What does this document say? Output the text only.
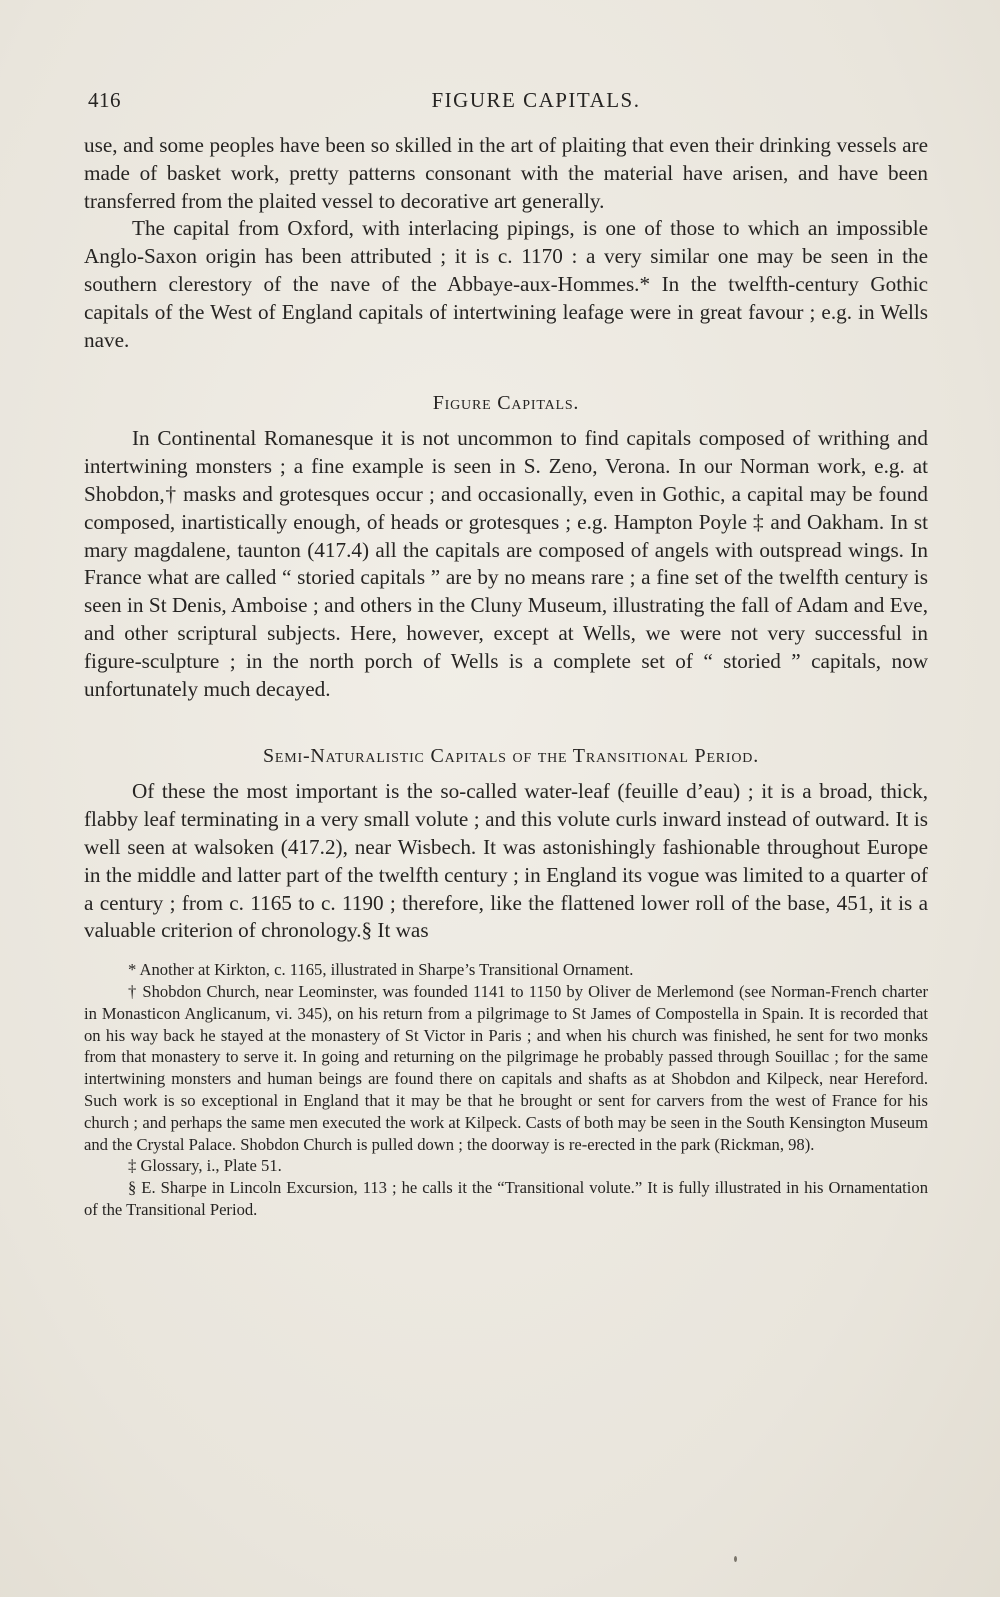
416	FIGURE CAPITALS.

use, and some peoples have been so skilled in the art of plaiting that even their drinking vessels are made of basket work, pretty patterns consonant with the material have arisen, and have been transferred from the plaited vessel to decorative art generally.

The capital from Oxford, with interlacing pipings, is one of those to which an impossible Anglo-Saxon origin has been attributed ; it is c. 1170 : a very similar one may be seen in the southern clerestory of the nave of the Abbaye-aux-Hommes.* In the twelfth-century Gothic capitals of the West of England capitals of intertwining leafage were in great favour ; e.g. in Wells nave.

Figure Capitals.

In Continental Romanesque it is not uncommon to find capitals composed of writhing and intertwining monsters ; a fine example is seen in S. Zeno, Verona. In our Norman work, e.g. at Shobdon,† masks and grotesques occur ; and occasionally, even in Gothic, a capital may be found composed, inartistically enough, of heads or grotesques ; e.g. Hampton Poyle ‡ and Oakham. In st mary magdalene, taunton (417.4) all the capitals are composed of angels with outspread wings. In France what are called “ storied capitals ” are by no means rare ; a fine set of the twelfth century is seen in St Denis, Amboise ; and others in the Cluny Museum, illustrating the fall of Adam and Eve, and other scriptural subjects. Here, however, except at Wells, we were not very successful in figure-sculpture ; in the north porch of Wells is a complete set of “ storied ” capitals, now unfortunately much decayed.

Semi-Naturalistic Capitals of the Transitional Period.

Of these the most important is the so-called water-leaf (feuille d’eau) ; it is a broad, thick, flabby leaf terminating in a very small volute ; and this volute curls inward instead of outward. It is well seen at walsoken (417.2), near Wisbech. It was astonishingly fashionable throughout Europe in the middle and latter part of the twelfth century ; in England its vogue was limited to a quarter of a century ; from c. 1165 to c. 1190 ; therefore, like the flattened lower roll of the base, 451, it is a valuable criterion of chronology.§ It was

* Another at Kirkton, c. 1165, illustrated in Sharpe’s Transitional Ornament.

† Shobdon Church, near Leominster, was founded 1141 to 1150 by Oliver de Merlemond (see Norman-French charter in Monasticon Anglicanum, vi. 345), on his return from a pilgrimage to St James of Compostella in Spain. It is recorded that on his way back he stayed at the monastery of St Victor in Paris ; and when his church was finished, he sent for two monks from that monastery to serve it. In going and returning on the pilgrimage he probably passed through Souillac ; for the same intertwining monsters and human beings are found there on capitals and shafts as at Shobdon and Kilpeck, near Hereford. Such work is so exceptional in England that it may be that he brought or sent for carvers from the west of France for his church ; and perhaps the same men executed the work at Kilpeck. Casts of both may be seen in the South Kensington Museum and the Crystal Palace. Shobdon Church is pulled down ; the doorway is re-erected in the park (Rickman, 98).

‡ Glossary, i., Plate 51.

§ E. Sharpe in Lincoln Excursion, 113 ; he calls it the “Transitional volute.” It is fully illustrated in his Ornamentation of the Transitional Period.
